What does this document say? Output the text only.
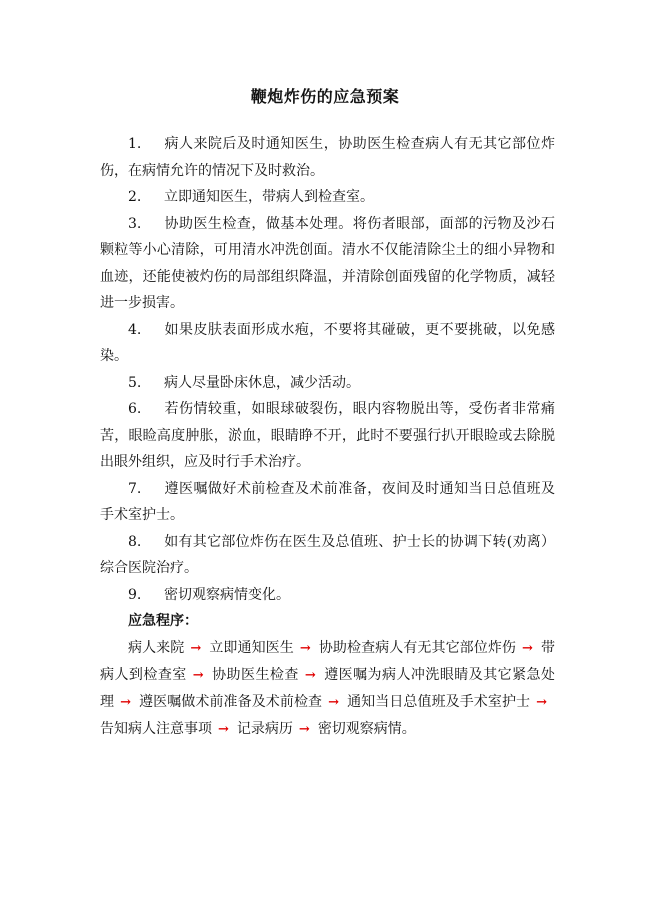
鞭炮炸伤的应急预案

1. 病人来院后及时通知医生，协助医生检查病人有无其它部位炸伤，在病情允许的情况下及时救治。

2. 立即通知医生，带病人到检查室。

3. 协助医生检查，做基本处理。将伤者眼部，面部的污物及沙石颗粒等小心清除，可用清水冲洗创面。清水不仅能清除尘土的细小异物和血迹，还能使被灼伤的局部组织降温，并清除创面残留的化学物质，减轻进一步损害。

4. 如果皮肤表面形成水疱，不要将其碰破，更不要挑破，以免感染。

5. 病人尽量卧床休息，减少活动。

6. 若伤情较重，如眼球破裂伤，眼内容物脱出等，受伤者非常痛苦，眼睑高度肿胀，淤血，眼睛睁不开，此时不要强行扒开眼睑或去除脱出眼外组织，应及时行手术治疗。

7. 遵医嘱做好术前检查及术前准备，夜间及时通知当日总值班及手术室护士。

8. 如有其它部位炸伤在医生及总值班、护士长的协调下转(劝离）综合医院治疗。

9. 密切观察病情变化。

应急程序：

病人来院 → 立即通知医生 → 协助检查病人有无其它部位炸伤 → 带病人到检查室 → 协助医生检查 → 遵医嘱为病人冲洗眼睛及其它紧急处理 → 遵医嘱做术前准备及术前检查 → 通知当日总值班及手术室护士 →告知病人注意事项 → 记录病历 → 密切观察病情。
